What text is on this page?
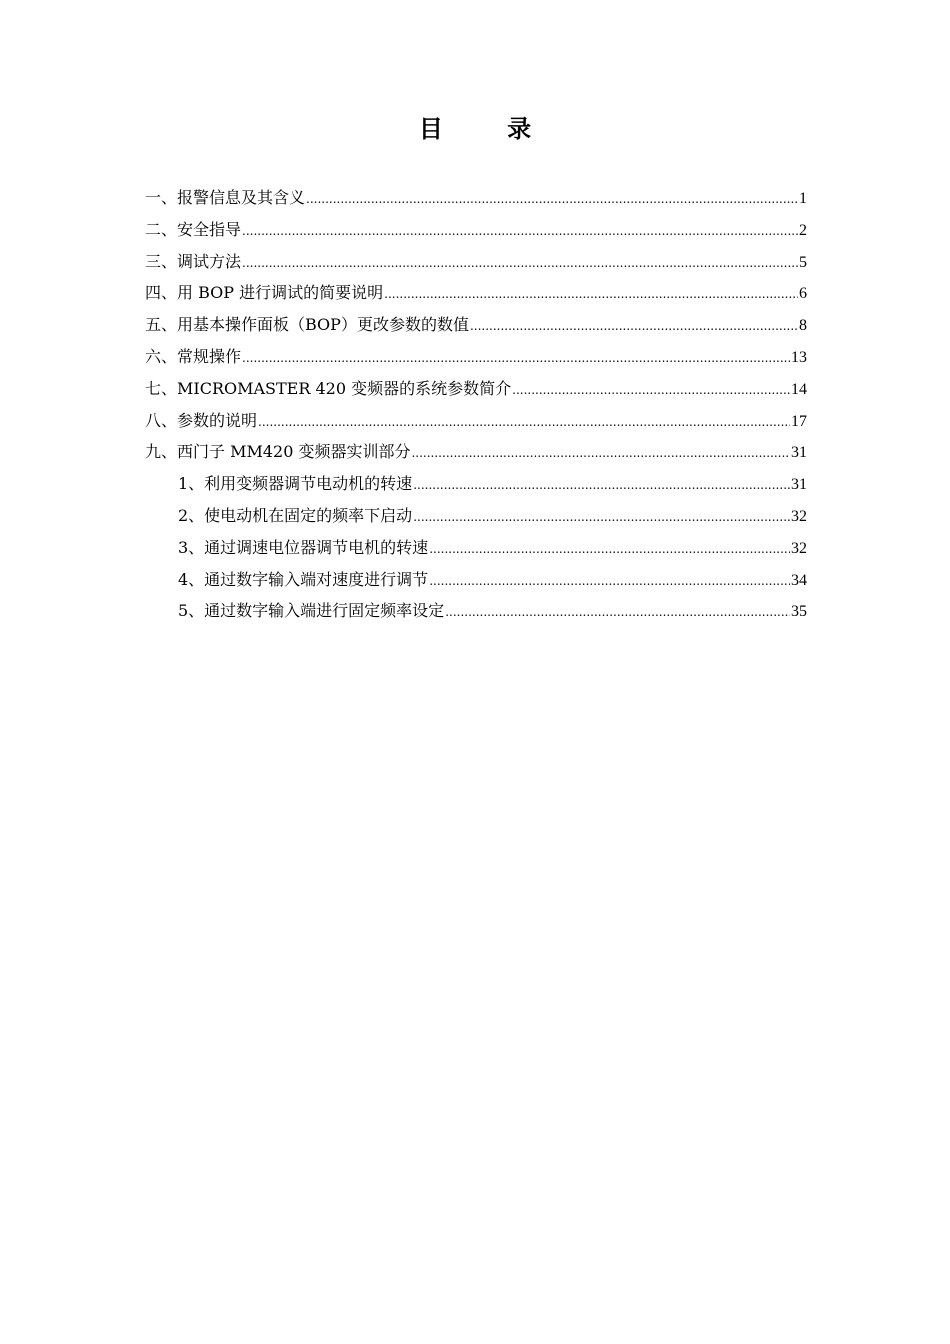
目 录
一、报警信息及其含义 .....	1
二、安全指导 .....	2
三、调试方法 .....	5
四、用 BOP 进行调试的简要说明 .....	6
五、用基本操作面板（BOP）更改参数的数值 .....	8
六、常规操作 .....	13
七、MICROMASTER 420 变频器的系统参数简介 .....	14
八、参数的说明 .....	17
九、西门子 MM420 变频器实训部分 .....	31
1、利用变频器调节电动机的转速 .....	31
2、使电动机在固定的频率下启动 .....	32
3、通过调速电位器调节电机的转速 .....	32
4、通过数字输入端对速度进行调节 .....	34
5、通过数字输入端进行固定频率设定 .....	35
